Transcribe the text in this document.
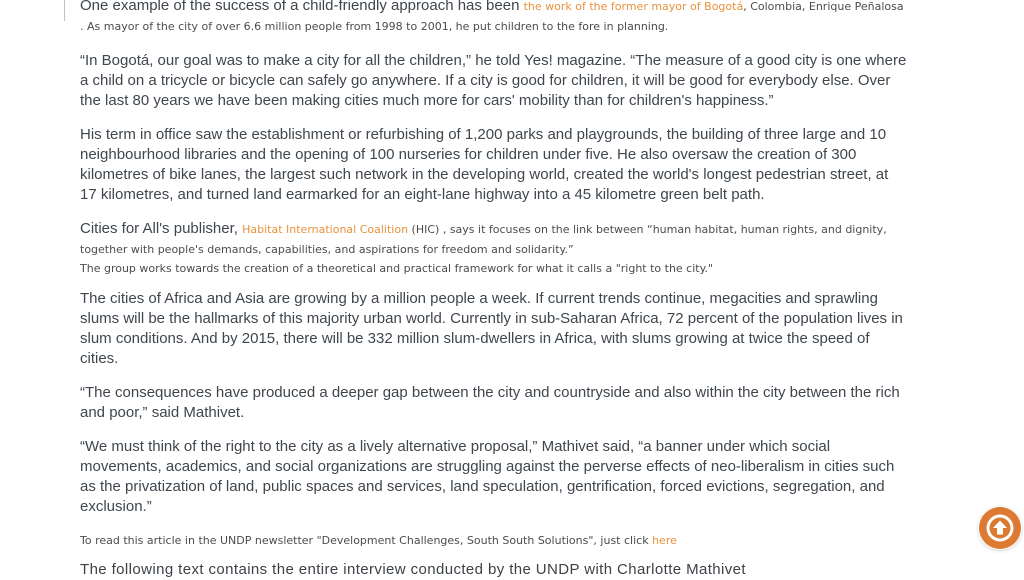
One example of the success of a child-friendly approach has been the work of the former mayor of Bogotá, Colombia, Enrique Peñalosa . As mayor of the city of over 6.6 million people from 1998 to 2001, he put children to the fore in planning.

“In Bogotá, our goal was to make a city for all the children,” he told Yes! magazine. “The measure of a good city is one where a child on a tricycle or bicycle can safely go anywhere. If a city is good for children, it will be good for everybody else. Over the last 80 years we have been making cities much more for cars' mobility than for children's happiness.”

His term in office saw the establishment or refurbishing of 1,200 parks and playgrounds, the building of three large and 10 neighbourhood libraries and the opening of 100 nurseries for children under five. He also oversaw the creation of 300 kilometres of bike lanes, the largest such network in the developing world, created the world's longest pedestrian street, at 17 kilometres, and turned land earmarked for an eight-lane highway into a 45 kilometre green belt path.

Cities for All's publisher, Habitat International Coalition (HIC) , says it focuses on the link between “human habitat, human rights, and dignity, together with people's demands, capabilities, and aspirations for freedom and solidarity.”

The group works towards the creation of a theoretical and practical framework for what it calls a "right to the city."

The cities of Africa and Asia are growing by a million people a week. If current trends continue, megacities and sprawling slums will be the hallmarks of this majority urban world. Currently in sub-Saharan Africa, 72 percent of the population lives in slum conditions. And by 2015, there will be 332 million slum-dwellers in Africa, with slums growing at twice the speed of cities.

“The consequences have produced a deeper gap between the city and countryside and also within the city between the rich and poor,” said Mathivet.

“We must think of the right to the city as a lively alternative proposal,” Mathivet said, “a banner under which social movements, academics, and social organizations are struggling against the perverse effects of neo-liberalism in cities such as the privatization of land, public spaces and services, land speculation, gentrification, forced evictions, segregation, and exclusion.”

To read this article in the UNDP newsletter "Development Challenges, South South Solutions", just click here

The following text contains the entire interview conducted by the UNDP with Charlotte Mathivet
